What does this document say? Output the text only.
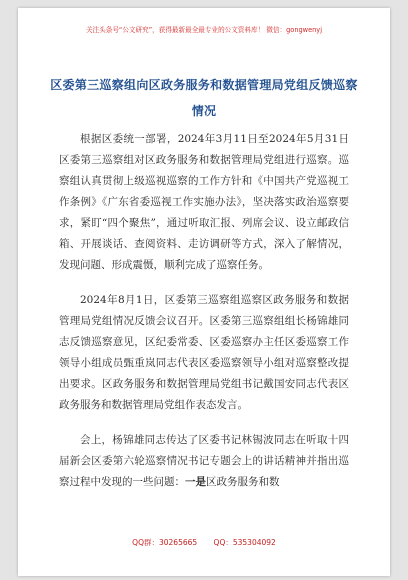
关注头条号“公文研究”，获得最新最全最专业的公文资料库！ 微信：gongwenyj
区委第三巡察组向区政务服务和数据管理局党组反馈巡察情况

根据区委统一部署，2024年3月11日至2024年5月31日区委第三巡察组对区政务服务和数据管理局党组进行巡察。巡察组认真贯彻上级巡视巡察的工作方针和《中国共产党巡视工作条例》《广东省委巡视工作实施办法》，坚决落实政治巡察要求，紧盯“四个聚焦”，通过听取汇报、列席会议、设立邮政信箱、开展谈话、查阅资料、走访调研等方式，深入了解情况，发现问题、形成震慑，顺利完成了巡察任务。

2024年8月1日，区委第三巡察组巡察区政务服务和数据管理局党组情况反馈会议召开。区委第三巡察组组长杨锦雄同志反馈巡察意见，区纪委常委、区委巡察办主任区委巡察工作领导小组成员甄重岚同志代表区委巡察领导小组对巡察整改提出要求。区政务服务和数据管理局党组书记戴国安同志代表区政务服务和数据管理局党组作表态发言。

会上，杨锦雄同志传达了区委书记林锡波同志在听取十四届新会区委第六轮巡察情况书记专题会上的讲话精神并指出巡察过程中发现的一些问题：一是区政务服务和数

QQ群：30265665 QQ：535304092
